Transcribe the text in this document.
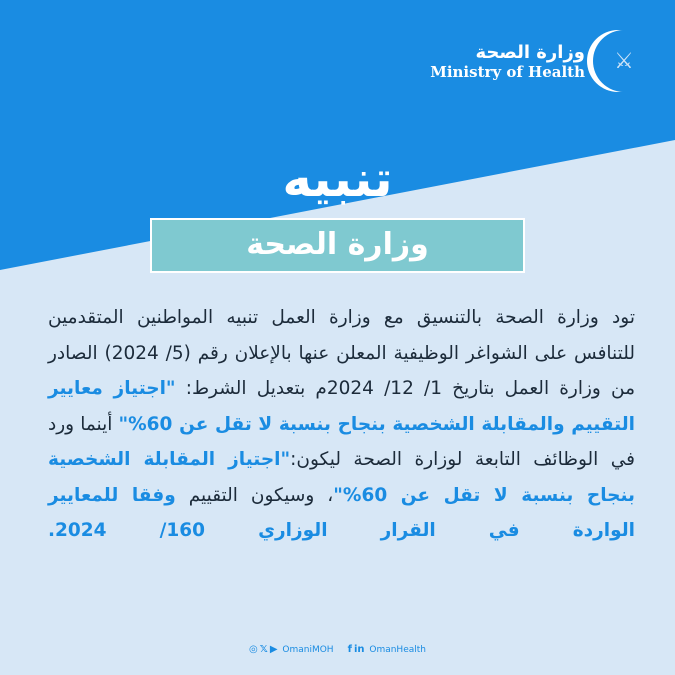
وزارة الصحة
Ministry of Health	⚔
تنبيه
وزارة الصحة
تود وزارة الصحة بالتنسيق مع وزارة العمل تنبيه المواطنين المتقدمين للتنافس على الشواغر الوظيفية المعلن عنها بالإعلان رقم (5/ 2024) الصادر من وزارة العمل بتاريخ 1/ 12/ 2024م بتعديل الشرط: "اجتياز معايير التقييم والمقابلة الشخصية بنجاح بنسبة لا تقل عن 60%" أينما ورد في الوظائف التابعة لوزارة الصحة ليكون:"اجتياز المقابلة الشخصية بنجاح بنسبة لا تقل عن 60%"، وسيكون التقييم وفقا للمعايير الواردة في القرار الوزاري 160/ 2024.
◎ 𝕏 ▶ OmaniMOH f in OmanHealth
